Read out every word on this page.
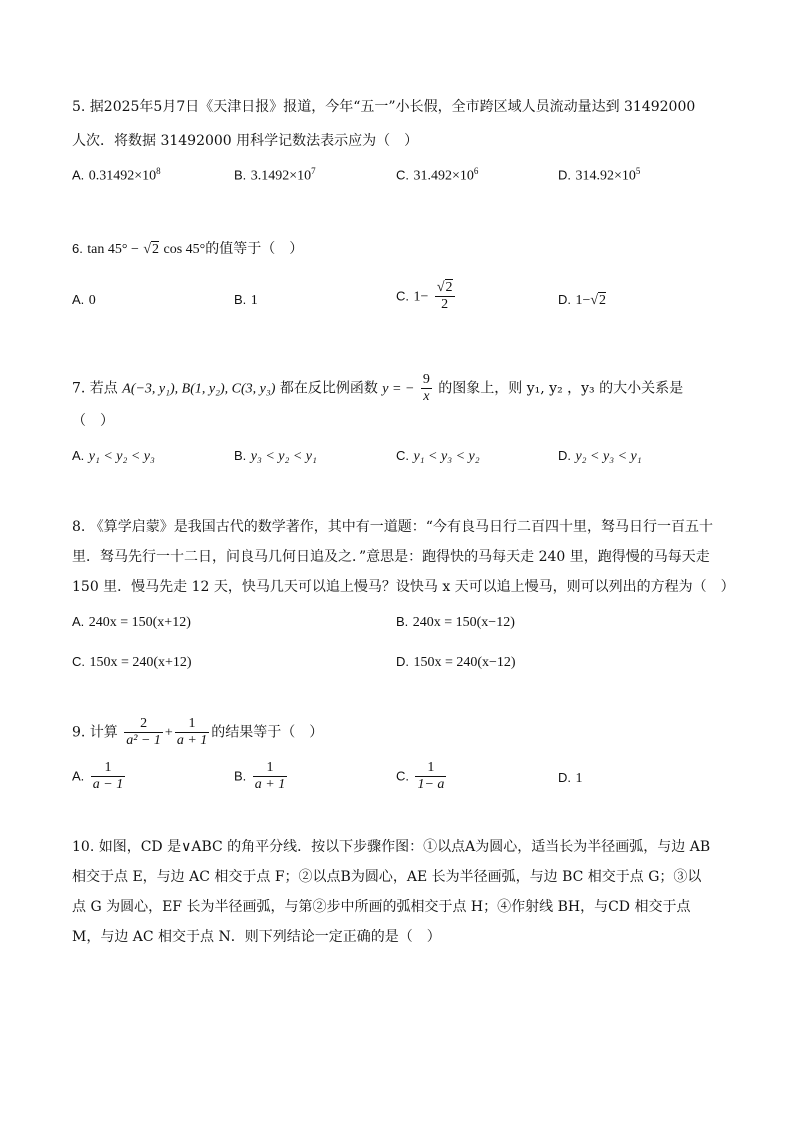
5. 据2025年5月7日《天津日报》报道，今年“五一”小长假，全市跨区域人员流动量达到 31492000
人次．将数据 31492000 用科学记数法表示应为（　）
A. $0.31492\times 10^8$	B. $3.1492\times 10^7$	C. $31.492\times 10^6$	D. $314.92\times 10^5$
6. tan 45° − √2 cos 45°的值等于（　）
A. 0	B. 1	C. $1- \frac{√2}{2}$	D. 1−√2
7. 若点 A(−3, y₁), B(1, y₂), C(3, y₃) 都在反比例函数 y = − $\frac{9}{x}$ 的图象上，则 y₁, y₂ ，y₃ 的大小关系是
（　）
A. y₁ < y₂ < y₃	B. y₃ < y₂ < y₁	C. y₁ < y₃ < y₂	D. y₂ < y₃ < y₁
8. 《算学启蒙》是我国古代的数学著作，其中有一道题：“今有良马日行二百四十里，驽马日行一百五十
里．驽马先行一十二日，问良马几何日追及之．”意思是：跑得快的马每天走 240 里，跑得慢的马每天走
150 里．慢马先走 12 天，快马几天可以追上慢马？设快马 x 天可以追上慢马，则可以列出的方程为（　）
A. 240x = 150(x+12)	B. 240x = 150(x−12)
C. 150x = 240(x+12)	D. 150x = 240(x−12)
9. 计算 $\frac{2}{\text{a² − 1}} + \frac{1}{a + 1}$ 的结果等于（　）
A. $\frac{1}{a - 1}$	B. $\frac{1}{a + 1}$	C. $\frac{1}{1- a}$	D. 1
10. 如图，CD 是∨ABC 的角平分线．按以下步骤作图：①以点A为圆心，适当长为半径画弧，与边 AB
相交于点 E，与边 AC 相交于点 F；②以点B为圆心，AE 长为半径画弧，与边 BC 相交于点 G；③以
点 G 为圆心，EF 长为半径画弧，与第②步中所画的弧相交于点 H；④作射线 BH，与CD 相交于点
M，与边 AC 相交于点 N．则下列结论一定正确的是（　）
